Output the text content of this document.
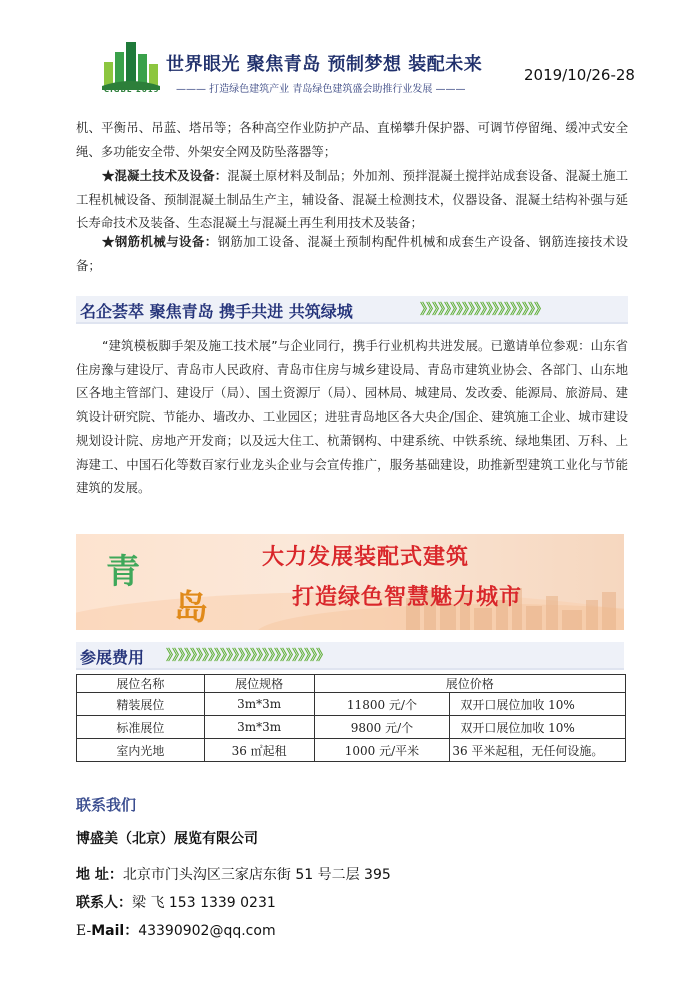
CIGBE 2019
世界眼光 聚焦青岛 预制梦想 装配未来
——— 打造绿色建筑产业 青岛绿色建筑盛会助推行业发展 ———
2019/10/26-28
机、平衡吊、吊蓝、塔吊等；各种高空作业防护产品、直梯攀升保护器、可调节停留绳、缓冲式安全绳、多功能安全带、外架安全网及防坠落器等；
★混凝土技术及设备：混凝土原材料及制品；外加剂、预拌混凝土搅拌站成套设备、混凝土施工工程机械设备、预制混凝土制品生产主，辅设备、混凝土检测技术，仪器设备、混凝土结构补强与延长寿命技术及装备、生态混凝土与混凝土再生利用技术及装备；
★钢筋机械与设备：钢筋加工设备、混凝土预制构配件机械和成套生产设备、钢筋连接技术设备；
名企荟萃 聚焦青岛 携手共进 共筑绿城	》》》》》》》》》》》》》》》》》》》》
“建筑模板脚手架及施工技术展”与企业同行，携手行业机构共进发展。已邀请单位参观：山东省住房豫与建设厅、青岛市人民政府、青岛市住房与城乡建设局、青岛市建筑业协会、各部门、山东地区各地主管部门、建设厅（局）、国土资源厅（局）、园林局、城建局、发改委、能源局、旅游局、建筑设计研究院、节能办、墙改办、工业园区；进驻青岛地区各大央企/国企、建筑施工企业、城市建设规划设计院、房地产开发商；以及远大住工、杭萧钢构、中建系统、中铁系统、绿地集团、万科、上海建工、中国石化等数百家行业龙头企业与会宣传推广，服务基础建设，助推新型建筑工业化与节能建筑的发展。
青
岛
大力发展装配式建筑
打造绿色智慧魅力城市
参展费用 》》》》》》》》》》》》》》》》》》》》》》》》》》
展位名称	展位规格	展位价格	
精装展位	3m*3m	11800 元/个	双开口展位加收 10%
标准展位	3m*3m	9800 元/个	双开口展位加收 10%
室内光地	36 ㎡起租	1000 元/平米	36 平米起租，无任何设施。
联系我们
博盛美（北京）展览有限公司
地 址：北京市门头沟区三家店东街 51 号二层 395
联系人：梁 飞 153 1339 0231
E-Mail：43390902@qq.com
